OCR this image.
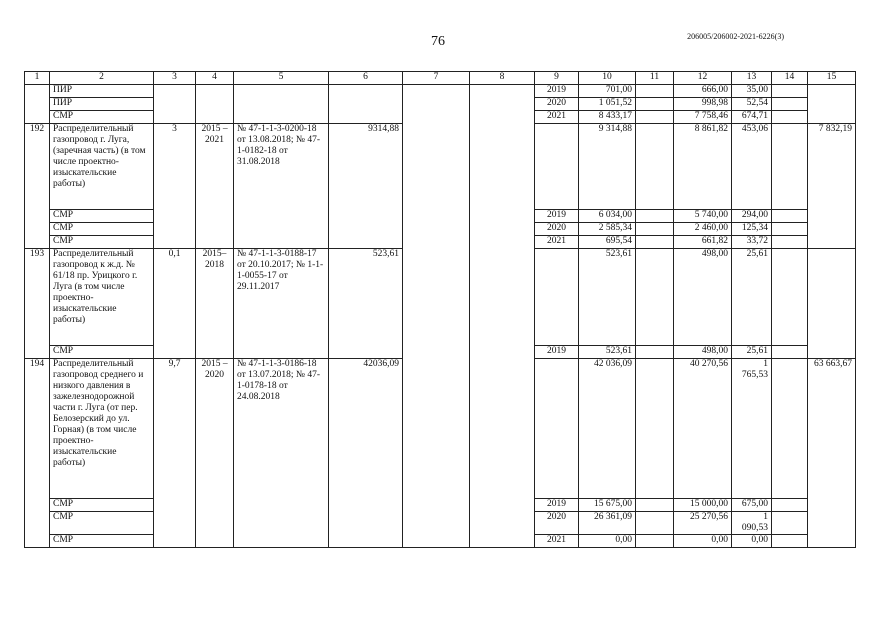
76	206005/206002-2021-6226(3)
1	2	3	4	5	6	7	8	9	10	11	12	13	14	15
	ПИР							2019	701,00		666,00	35,00		
	ПИР							2020	1 051,52		998,98	52,54		
	СМР							2021	8 433,17		7 758,46	674,71		
192	Распределительный газопровод г. Луга, (заречная часть) (в том числе проектно-изыскательские работы)	3	2015 – 2021	№ 47-1-1-3-0200-18 от 13.08.2018; № 47-1-0182-18 от 31.08.2018	9314,88				9 314,88		8 861,82	453,06		7 832,19
	СМР							2019	6 034,00		5 740,00	294,00		
	СМР							2020	2 585,34		2 460,00	125,34		
	СМР							2021	695,54		661,82	33,72		
193	Распределительный газопровод к ж.д. № 61/18 пр. Урицкого г. Луга (в том числе проектно-изыскательские работы)	0,1	2015– 2018	№ 47-1-1-3-0188-17 от 20.10.2017; № 1-1-1-0055-17 от 29.11.2017	523,61				523,61		498,00	25,61		
	СМР							2019	523,61		498,00	25,61		
194	Распределительный газопровод среднего и низкого давления в зажелезнодорожной части г. Луга (от пер. Белозерский до ул. Горная) (в том числе проектно-изыскательские работы)	9,7	2015 – 2020	№ 47-1-1-3-0186-18 от 13.07.2018; № 47-1-0178-18 от 24.08.2018	42036,09				42 036,09		40 270,56	1 765,53		63 663,67
	СМР							2019	15 675,00		15 000,00	675,00		
	СМР							2020	26 361,09		25 270,56	1 090,53		
	СМР							2021	0,00		0,00	0,00		
